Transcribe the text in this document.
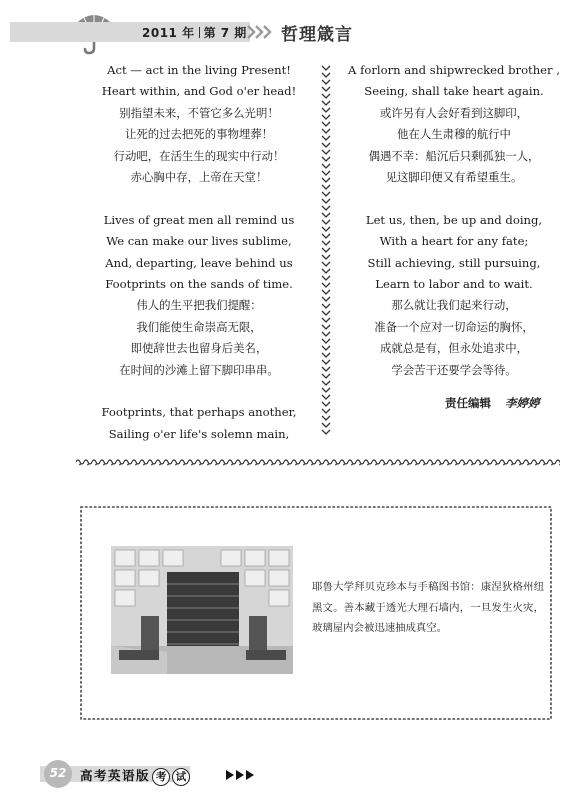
2011 年 第 7 期 哲理箴言
Act — act in the living Present!
Heart within, and God o'er head!
别指望未来，不管它多么光明！
让死的过去把死的事物埋葬！
行动吧，在活生生的现实中行动！
赤心胸中存，上帝在天堂！
Lives of great men all remind us
We can make our lives sublime,
And, departing, leave behind us
Footprints on the sands of time.
伟人的生平把我们提醒：
我们能使生命崇高无限，
即使辞世去也留身后美名，
在时间的沙滩上留下脚印串串。
Footprints, that perhaps another,
Sailing o'er life's solemn main,
A forlorn and shipwrecked brother ,
Seeing, shall take heart again.
或许另有人会好看到这脚印，
他在人生肃穆的航行中
偶遇不幸：船沉后只剩孤独一人，
见这脚印便又有希望重生。
Let us, then, be up and doing,
With a heart for any fate;
Still achieving, still pursuing,
Learn to labor and to wait.
那么就让我们起来行动，
准备一个应对一切命运的胸怀，
成就总是有，但永处追求中，
学会苦干还要学会等待。
责任编辑 李婷婷
耶鲁大学拜贝克珍本与手稿图书馆：康涅狄格州纽黑文。善本藏于透光大理石墙内，一旦发生火灾，玻璃屋内会被迅速抽成真空。
52	高考英语版 考 试
